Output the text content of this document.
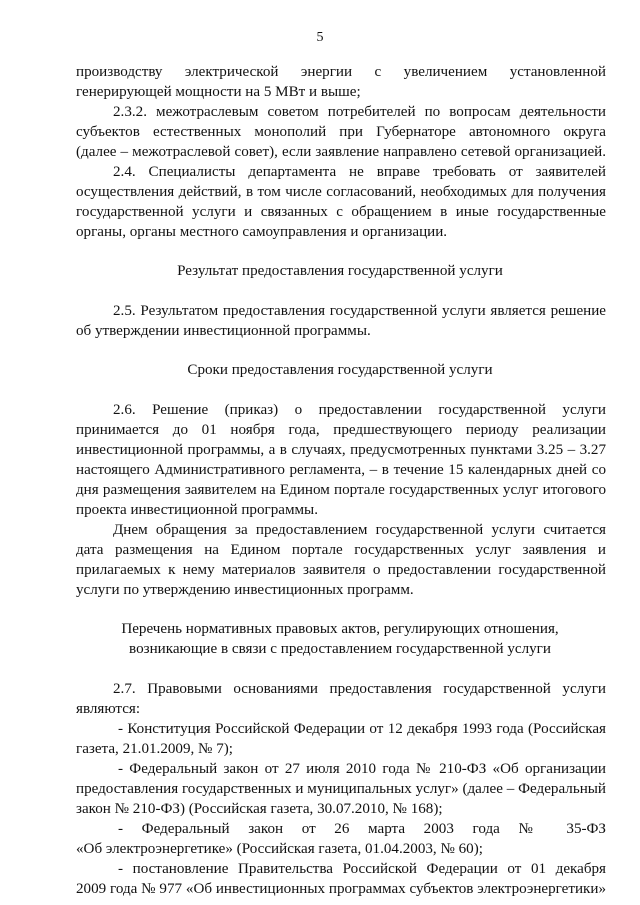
5
производству электрической энергии с увеличением установленной
генерирующей мощности на 5 МВт и выше;
2.3.2. межотраслевым советом потребителей по вопросам деятельности
субъектов естественных монополий при Губернаторе автономного округа
(далее – межотраслевой совет), если заявление направлено сетевой организацией.
2.4. Специалисты департамента не вправе требовать от заявителей
осуществления действий, в том числе согласований, необходимых для получения
государственной услуги и связанных с обращением в иные государственные
органы, органы местного самоуправления и организации.
Результат предоставления государственной услуги
2.5. Результатом предоставления государственной услуги является решение
об утверждении инвестиционной программы.
Сроки предоставления государственной услуги
2.6. Решение (приказ) о предоставлении государственной услуги
принимается до 01 ноября года, предшествующего периоду реализации
инвестиционной программы, а в случаях, предусмотренных пунктами 3.25 – 3.27
настоящего Административного регламента, – в течение 15 календарных дней со
дня размещения заявителем на Едином портале государственных услуг итогового
проекта инвестиционной программы.
Днем обращения за предоставлением государственной услуги считается
дата размещения на Едином портале государственных услуг заявления и
прилагаемых к нему материалов заявителя о предоставлении государственной
услуги по утверждению инвестиционных программ.
Перечень нормативных правовых актов, регулирующих отношения,
возникающие в связи с предоставлением государственной услуги
2.7. Правовыми основаниями предоставления государственной услуги
являются:
- Конституция Российской Федерации от 12 декабря 1993 года (Российская
газета, 21.01.2009, № 7);
- Федеральный закон от 27 июля 2010 года № 210-ФЗ «Об организации
предоставления государственных и муниципальных услуг» (далее – Федеральный
закон № 210-ФЗ) (Российская газета, 30.07.2010, № 168);
- Федеральный закон от 26 марта 2003 года № 35-ФЗ
«Об электроэнергетике» (Российская газета, 01.04.2003, № 60);
- постановление Правительства Российской Федерации от 01 декабря
2009 года № 977 «Об инвестиционных программах субъектов электроэнергетики»
